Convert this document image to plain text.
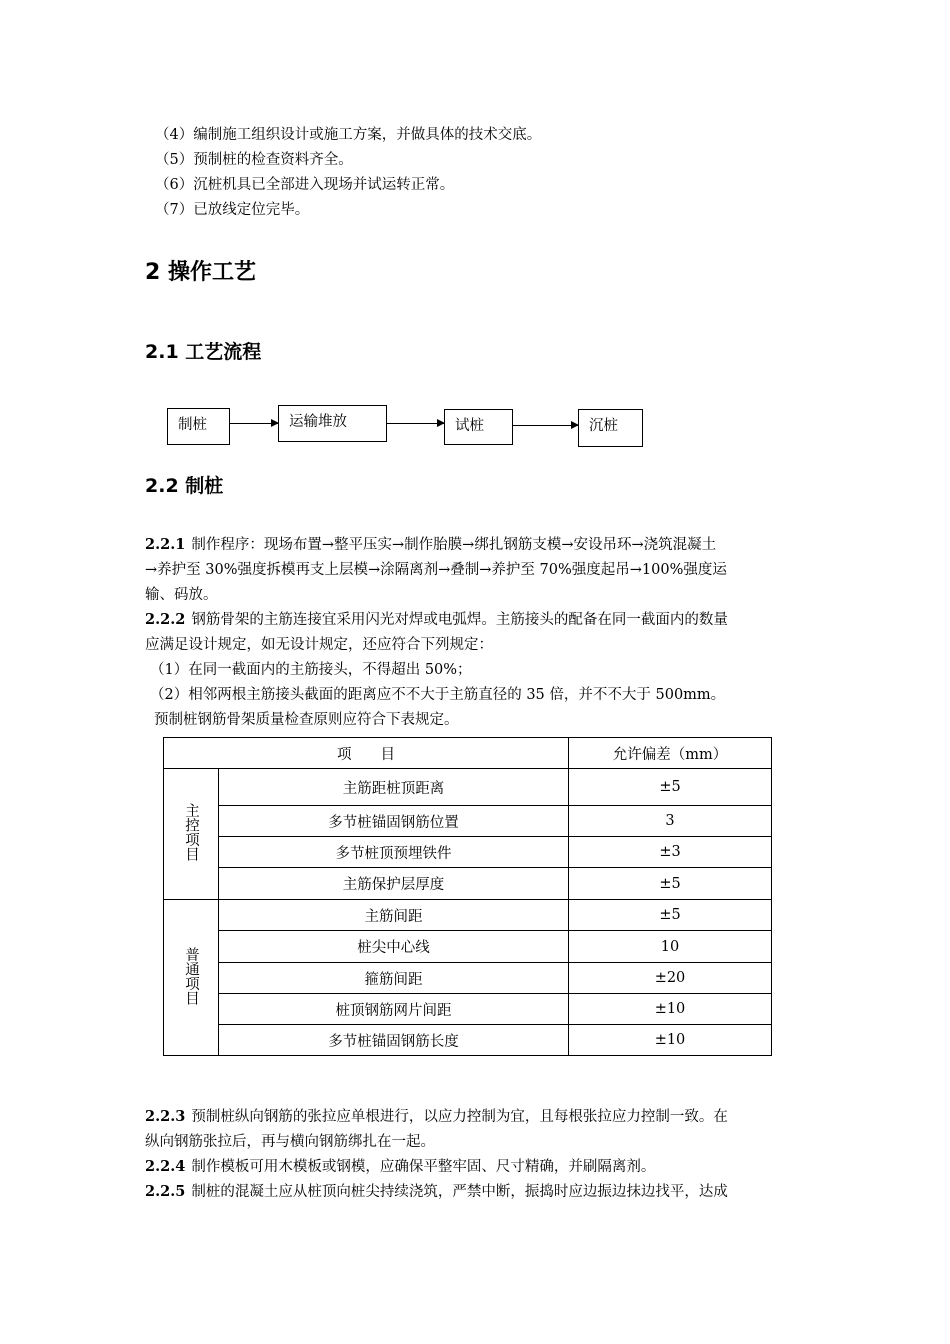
（4）编制施工组织设计或施工方案，并做具体的技术交底。
（5）预制桩的检查资料齐全。
（6）沉桩机具已全部进入现场并试运转正常。
（7）已放线定位完毕。
2 操作工艺
2.1 工艺流程
制桩	运输堆放	试桩	沉桩
2.2 制桩
2.2.1 制作程序：现场布置→整平压实→制作胎膜→绑扎钢筋支模→安设吊环→浇筑混凝土
→养护至 30%强度拆模再支上层模→涂隔离剂→叠制→养护至 70%强度起吊→100%强度运
输、码放。
2.2.2 钢筋骨架的主筋连接宜采用闪光对焊或电弧焊。主筋接头的配备在同一截面内的数量
应满足设计规定，如无设计规定，还应符合下列规定：
（1）在同一截面内的主筋接头，不得超出 50%；
（2）相邻两根主筋接头截面的距离应不不大于主筋直径的 35 倍，并不不大于 500mm。
预制桩钢筋骨架质量检查原则应符合下表规定。
项　　目		允许偏差（mm）
主控项目	主筋距桩顶距离	±5
	多节桩锚固钢筋位置	3
	多节桩顶预埋铁件	±3
	主筋保护层厚度	±5
普通项目	主筋间距	±5
	桩尖中心线	10
	箍筋间距	±20
	桩顶钢筋网片间距	±10
	多节桩锚固钢筋长度	±10
2.2.3 预制桩纵向钢筋的张拉应单根进行，以应力控制为宜，且每根张拉应力控制一致。在
纵向钢筋张拉后，再与横向钢筋绑扎在一起。
2.2.4 制作模板可用木模板或钢模，应确保平整牢固、尺寸精确，并刷隔离剂。
2.2.5 制桩的混凝土应从桩顶向桩尖持续浇筑，严禁中断，振捣时应边振边抹边找平，达成
